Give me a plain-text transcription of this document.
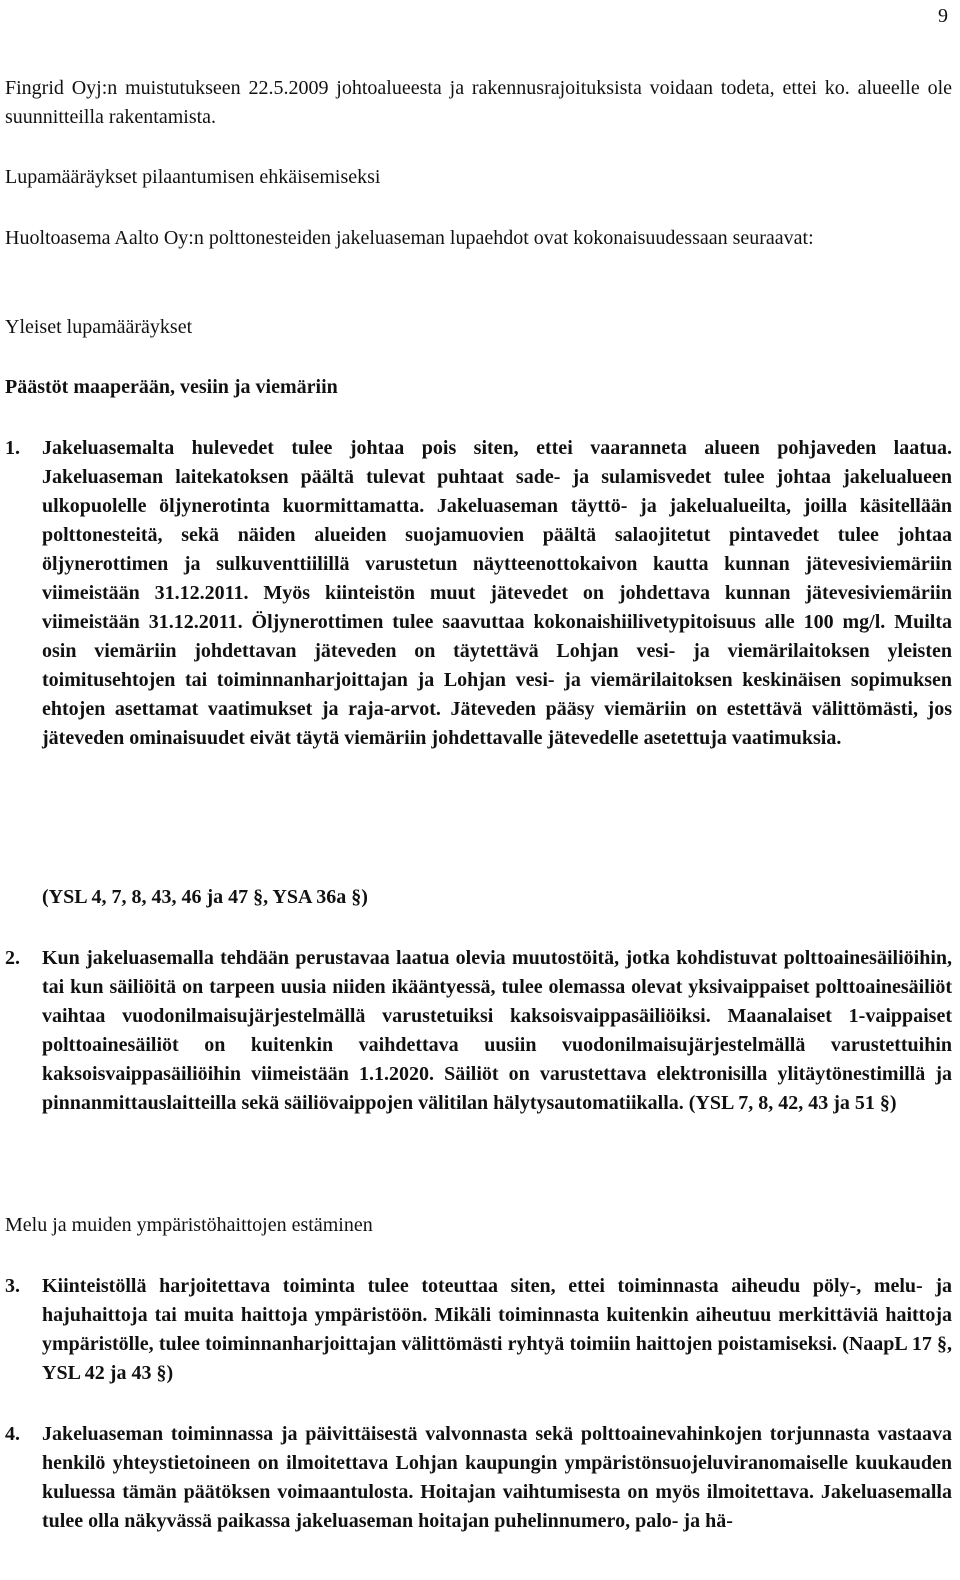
9

Fingrid Oyj:n muistutukseen 22.5.2009 johtoalueesta ja rakennusrajoituksista voidaan todeta, ettei ko. alueelle ole suunnitteilla rakentamista.

Lupamääräykset pilaantumisen ehkäisemiseksi

Huoltoasema Aalto Oy:n polttonesteiden jakeluaseman lupaehdot ovat kokonaisuudessaan seuraavat:

Yleiset lupamääräykset

Päästöt maaperään, vesiin ja viemäriin

1. Jakeluasemalta hulevedet tulee johtaa pois siten, ettei vaaranneta alueen pohjaveden laatua. Jakeluaseman laitekatoksen päältä tulevat puhtaat sade- ja sulamisvedet tulee johtaa jakelualueen ulkopuolelle öljynerotinta kuormittamatta. Jakeluaseman täyttö- ja jakelualueilta, joilla käsitellään polttonesteitä, sekä näiden alueiden suojamuovien päältä salaojitetut pintavedet tulee johtaa öljynerottimen ja sulkuventtiilillä varustetun näytteenottokaivon kautta kunnan jätevesiviemäriin viimeistään 31.12.2011. Myös kiinteistön muut jätevedet on johdettava kunnan jätevesiviemäriin viimeistään 31.12.2011. Öljynerottimen tulee saavuttaa kokonaishiilivetypitoisuus alle 100 mg/l. Muilta osin viemäriin johdettavan jäteveden on täytettävä Lohjan vesi- ja viemärilaitoksen yleisten toimitusehtojen tai toiminnanharjoittajan ja Lohjan vesi- ja viemärilaitoksen keskinäisen sopimuksen ehtojen asettamat vaatimukset ja raja-arvot. Jäteveden pääsy viemäriin on estettävä välittömästi, jos jäteveden ominaisuudet eivät täytä viemäriin johdettavalle jätevedelle asetettuja vaatimuksia.
(YSL 4, 7, 8, 43, 46 ja 47 §, YSA 36a §)
2. Kun jakeluasemalla tehdään perustavaa laatua olevia muutostöitä, jotka kohdistuvat polttoainesäiliöihin, tai kun säiliöitä on tarpeen uusia niiden ikääntyessä, tulee olemassa olevat yksivaippaiset polttoainesäiliöt vaihtaa vuodonilmaisujärjestelmällä varustetuiksi kaksoisvaippasäiliöiksi. Maanalaiset 1-vaippaiset polttoainesäiliöt on kuitenkin vaihdettava uusiin vuodonilmaisujärjestelmällä varustettuihin kaksoisvaippasäiliöihin viimeistään 1.1.2020. Säiliöt on varustettava elektronisilla ylitäytönestimillä ja pinnanmittauslaitteilla sekä säiliövaippojen välitilan hälytysautomatiikalla. (YSL 7, 8, 42, 43 ja 51 §)

Melu ja muiden ympäristöhaittojen estäminen

3. Kiinteistöllä harjoitettava toiminta tulee toteuttaa siten, ettei toiminnasta aiheudu pöly-, melu- ja hajuhaittoja tai muita haittoja ympäristöön. Mikäli toiminnasta kuitenkin aiheutuu merkittäviä haittoja ympäristölle, tulee toiminnanharjoittajan välittömästi ryhtyä toimiin haittojen poistamiseksi. (NaapL 17 §, YSL 42 ja 43 §)
4. Jakeluaseman toiminnassa ja päivittäisestä valvonnasta sekä polttoainevahinkojen torjunnasta vastaava henkilö yhteystietoineen on ilmoitettava Lohjan kaupungin ympäristönsuojeluviranomaiselle kuukauden kuluessa tämän päätöksen voimaantulosta. Hoitajan vaihtumisesta on myös ilmoitettava. Jakeluasemalla tulee olla näkyvässä paikassa jakeluaseman hoitajan puhelinnumero, palo- ja hä-
